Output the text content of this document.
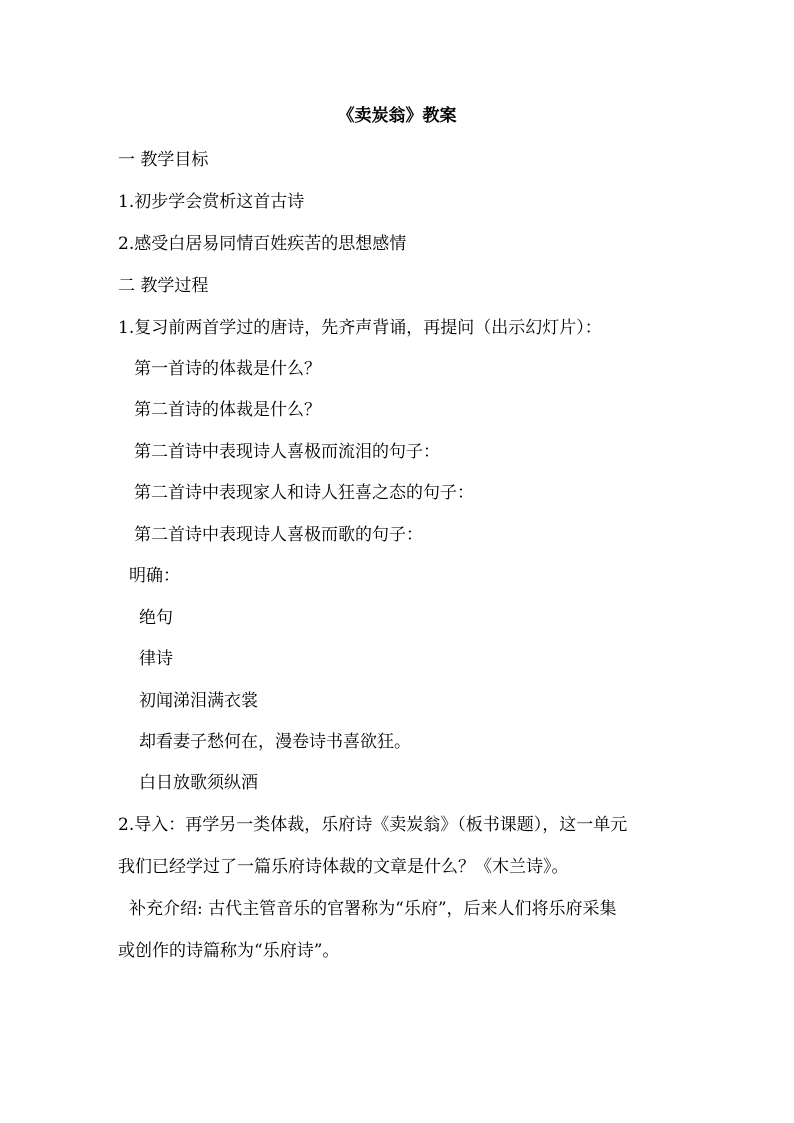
《卖炭翁》教案
一 教学目标
1.初步学会赏析这首古诗
2.感受白居易同情百姓疾苦的思想感情
二 教学过程
1.复习前两首学过的唐诗，先齐声背诵，再提问（出示幻灯片）：
第一首诗的体裁是什么？
第二首诗的体裁是什么？
第二首诗中表现诗人喜极而流泪的句子：
第二首诗中表现家人和诗人狂喜之态的句子：
第二首诗中表现诗人喜极而歌的句子：
明确：
绝句
律诗
初闻涕泪满衣裳
却看妻子愁何在，漫卷诗书喜欲狂。
白日放歌须纵酒
2.导入：再学另一类体裁，乐府诗《卖炭翁》（板书课题），这一单元
我们已经学过了一篇乐府诗体裁的文章是什么？《木兰诗》。
补充介绍: 古代主管音乐的官署称为“乐府”，后来人们将乐府采集
或创作的诗篇称为“乐府诗”。
